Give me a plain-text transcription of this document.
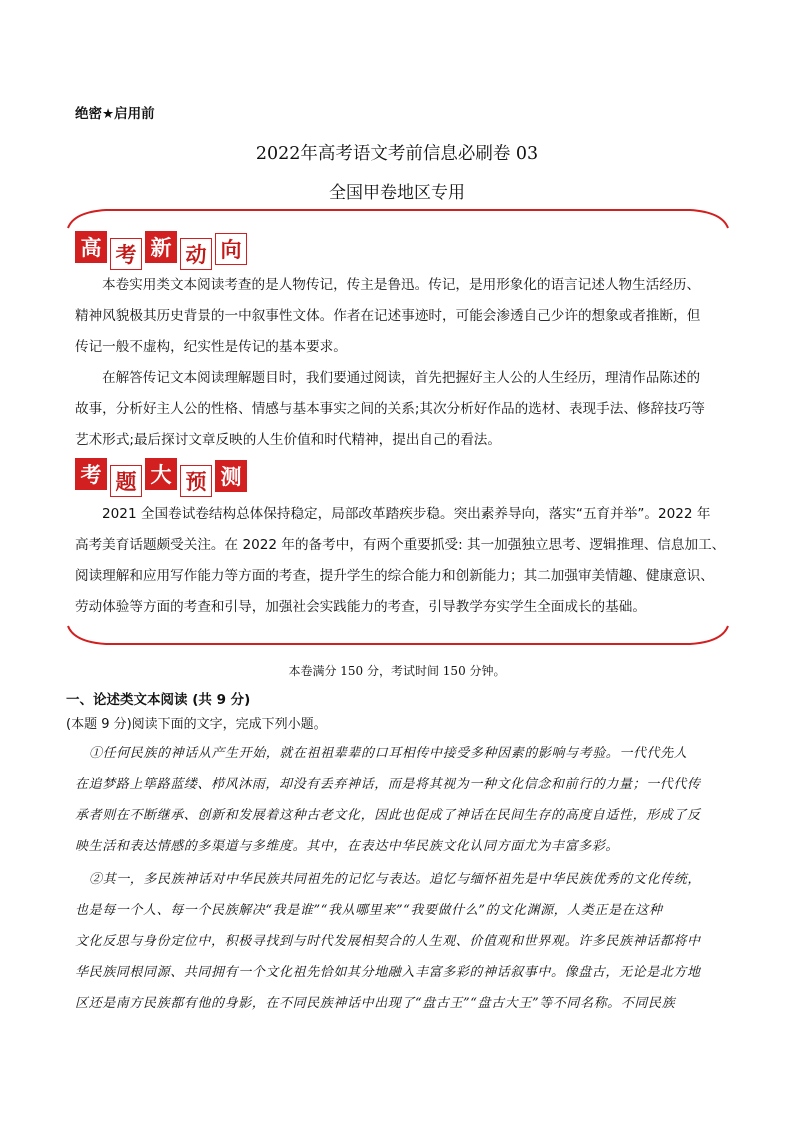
绝密★启用前
2022年高考语文考前信息必刷卷 03
全国甲卷地区专用
高 考 新 动 向
本卷实用类文本阅读考查的是人物传记，传主是鲁迅。传记，是用形象化的语言记述人物生活经历、
精神风貌极其历史背景的一中叙事性文体。作者在记述事迹时，可能会渗透自己少许的想象或者推断，但
传记一般不虚构，纪实性是传记的基本要求。
在解答传记文本阅读理解题目时，我们要通过阅读，首先把握好主人公的人生经历，理清作品陈述的
故事，分析好主人公的性格、情感与基本事实之间的关系;其次分析好作品的选材、表现手法、修辞技巧等
艺术形式;最后探讨文章反映的人生价值和时代精神，提出自己的看法。
考 题 大 预 测
2021 全国卷试卷结构总体保持稳定，局部改革踏疾步稳。突出素养导向，落实“五育并举”。2022 年
高考美育话题颇受关注。在 2022 年的备考中，有两个重要抓受: 其一加强独立思考、逻辑推理、信息加工、
阅读理解和应用写作能力等方面的考查，提升学生的综合能力和创新能力；其二加强审美情趣、健康意识、
劳动体验等方面的考查和引导，加强社会实践能力的考查，引导教学夯实学生全面成长的基础。
本卷满分 150 分，考试时间 150 分钟。
一、论述类文本阅读 (共 9 分)
(本题 9 分)阅读下面的文字，完成下列小题。
①任何民族的神话从产生开始，就在祖祖辈辈的口耳相传中接受多种因素的影响与考验。一代代先人
在追梦路上筚路蓝缕、栉风沐雨，却没有丢弃神话，而是将其视为一种文化信念和前行的力量；一代代传
承者则在不断继承、创新和发展着这种古老文化，因此也促成了神话在民间生存的高度自适性，形成了反
映生活和表达情感的多渠道与多维度。其中，在表达中华民族文化认同方面尤为丰富多彩。
②其一，多民族神话对中华民族共同祖先的记忆与表达。追忆与缅怀祖先是中华民族优秀的文化传统，
也是每一个人、每一个民族解决“我是谁”“我从哪里来”“我要做什么”的文化渊源，人类正是在这种
文化反思与身份定位中，积极寻找到与时代发展相契合的人生观、价值观和世界观。许多民族神话都将中
华民族同根同源、共同拥有一个文化祖先恰如其分地融入丰富多彩的神话叙事中。像盘古，无论是北方地
区还是南方民族都有他的身影，在不同民族神话中出现了“盘古王”“盘古大王”等不同名称。不同民族
